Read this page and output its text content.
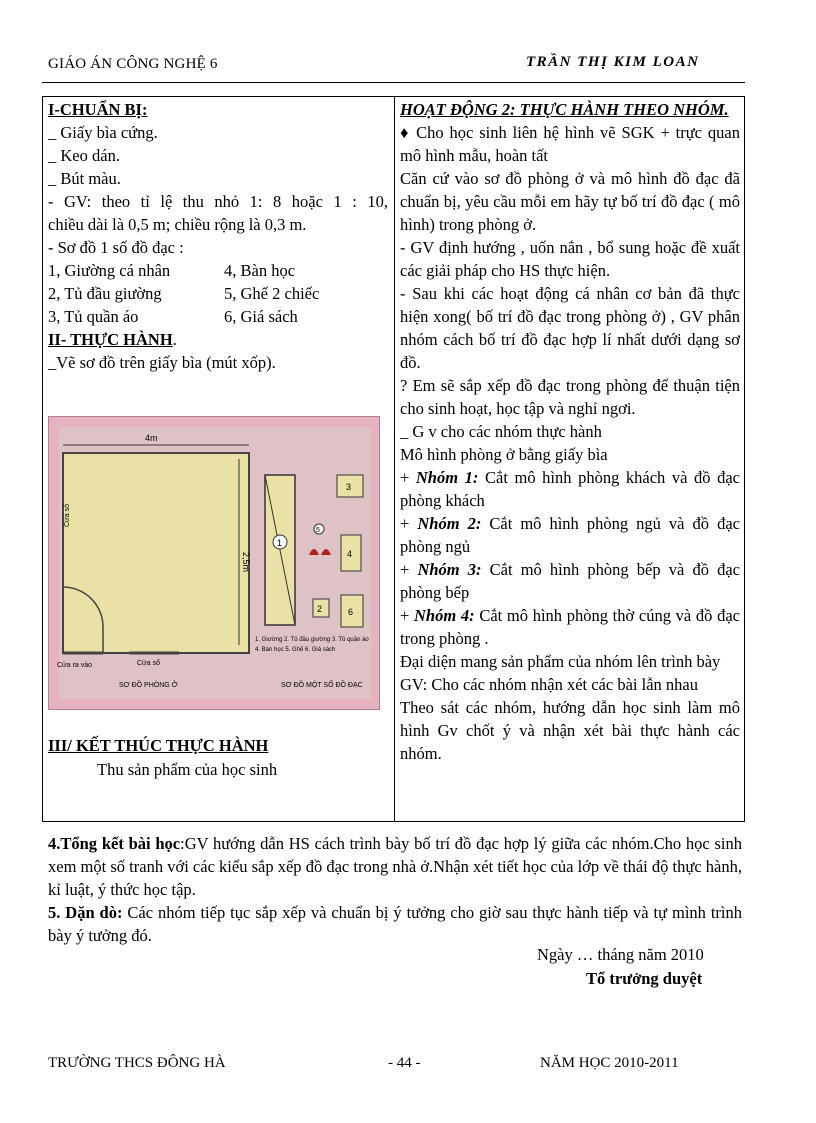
GIÁO ÁN CÔNG NGHỆ 6	TRẦN THỊ KIM LOAN
I-CHUẨN BỊ:
_ Giấy bìa cứng.
_ Keo dán.
_ Bút màu.
- GV: theo tỉ lệ thu nhỏ 1: 8 hoặc 1 : 10,
chiều dài là 0,5 m; chiều rộng là 0,3 m.
- Sơ đồ 1 số đồ đạc :
1, Giường cá nhân	4, Bàn học
2, Tủ đầu giường	5, Ghế 2 chiếc
3, Tủ quần áo	6, Giá sách
II- THỰC HÀNH.
_Vẽ sơ đồ trên giấy bìa (mút xốp).
4m
2,5m
Cửa sổ
Cửa ra vào	Cửa sổ
1
3
4
5
2	6
1. Giường 2. Tủ đầu giường 3. Tủ quần áo
4. Bàn học 5. Ghế 6. Giá sách
SƠ ĐỒ PHÒNG Ở	SƠ ĐỒ MỘT SỐ ĐỒ ĐẠC
III/ KẾT THÚC THỰC HÀNH
Thu sản phẩm của học sinh
HOẠT ĐỘNG 2: THỰC HÀNH THEO NHÓM.
♦ Cho học sinh liên hệ hình vẽ SGK + trực quan mô hình mẫu, hoàn tất
Căn cứ vào sơ đồ phòng ở và mô hình đồ đạc đã chuẩn bị, yêu cầu mỗi em hãy tự bố trí đồ đạc ( mô hình) trong phòng ở.
- GV định hướng , uốn nắn , bổ sung hoặc đề xuất các giải pháp cho HS thực hiện.
- Sau khi các hoạt động cá nhân cơ bản đã thực hiện xong( bố trí đồ đạc trong phòng ở) , GV phân nhóm cách bố trí đồ đạc hợp lí nhất dưới dạng sơ đồ.
? Em sẽ sắp xếp đồ đạc trong phòng để thuận tiện cho sinh hoạt, học tập và nghỉ ngơi.
_ G v cho các nhóm thực hành
Mô hình phòng ở bằng giấy bìa
+ Nhóm 1: Cắt mô hình phòng khách và đồ đạc phòng khách
+ Nhóm 2: Cắt mô hình phòng ngủ và đồ đạc phòng ngủ
+ Nhóm 3: Cắt mô hình phòng bếp và đồ đạc phòng bếp
+ Nhóm 4: Cắt mô hình phòng thờ cúng và đồ đạc trong phòng .
Đại diện mang sản phẩm của nhóm lên trình bày
GV: Cho các nhóm nhận xét các bài lẫn nhau
Theo sát các nhóm, hướng dẫn học sinh làm mô hình Gv chốt ý và nhận xét bài thực hành các nhóm.
4.Tổng kết bài học:GV hướng dẫn HS cách trình bày bố trí đồ đạc hợp lý giữa các nhóm.Cho học sinh xem một số tranh với các kiểu sắp xếp đồ đạc trong nhà ở.Nhận xét tiết học của lớp về thái độ thực hành, kỉ luật, ý thức học tập.
5. Dặn dò: Các nhóm tiếp tục sắp xếp và chuẩn bị ý tưởng cho giờ sau thực hành tiếp và tự mình trình bày ý tưởng đó.
Ngày … tháng năm 2010
Tổ trưởng duyệt
TRƯỜNG THCS ĐÔNG HÀ	- 44 -	NĂM HỌC 2010-2011
